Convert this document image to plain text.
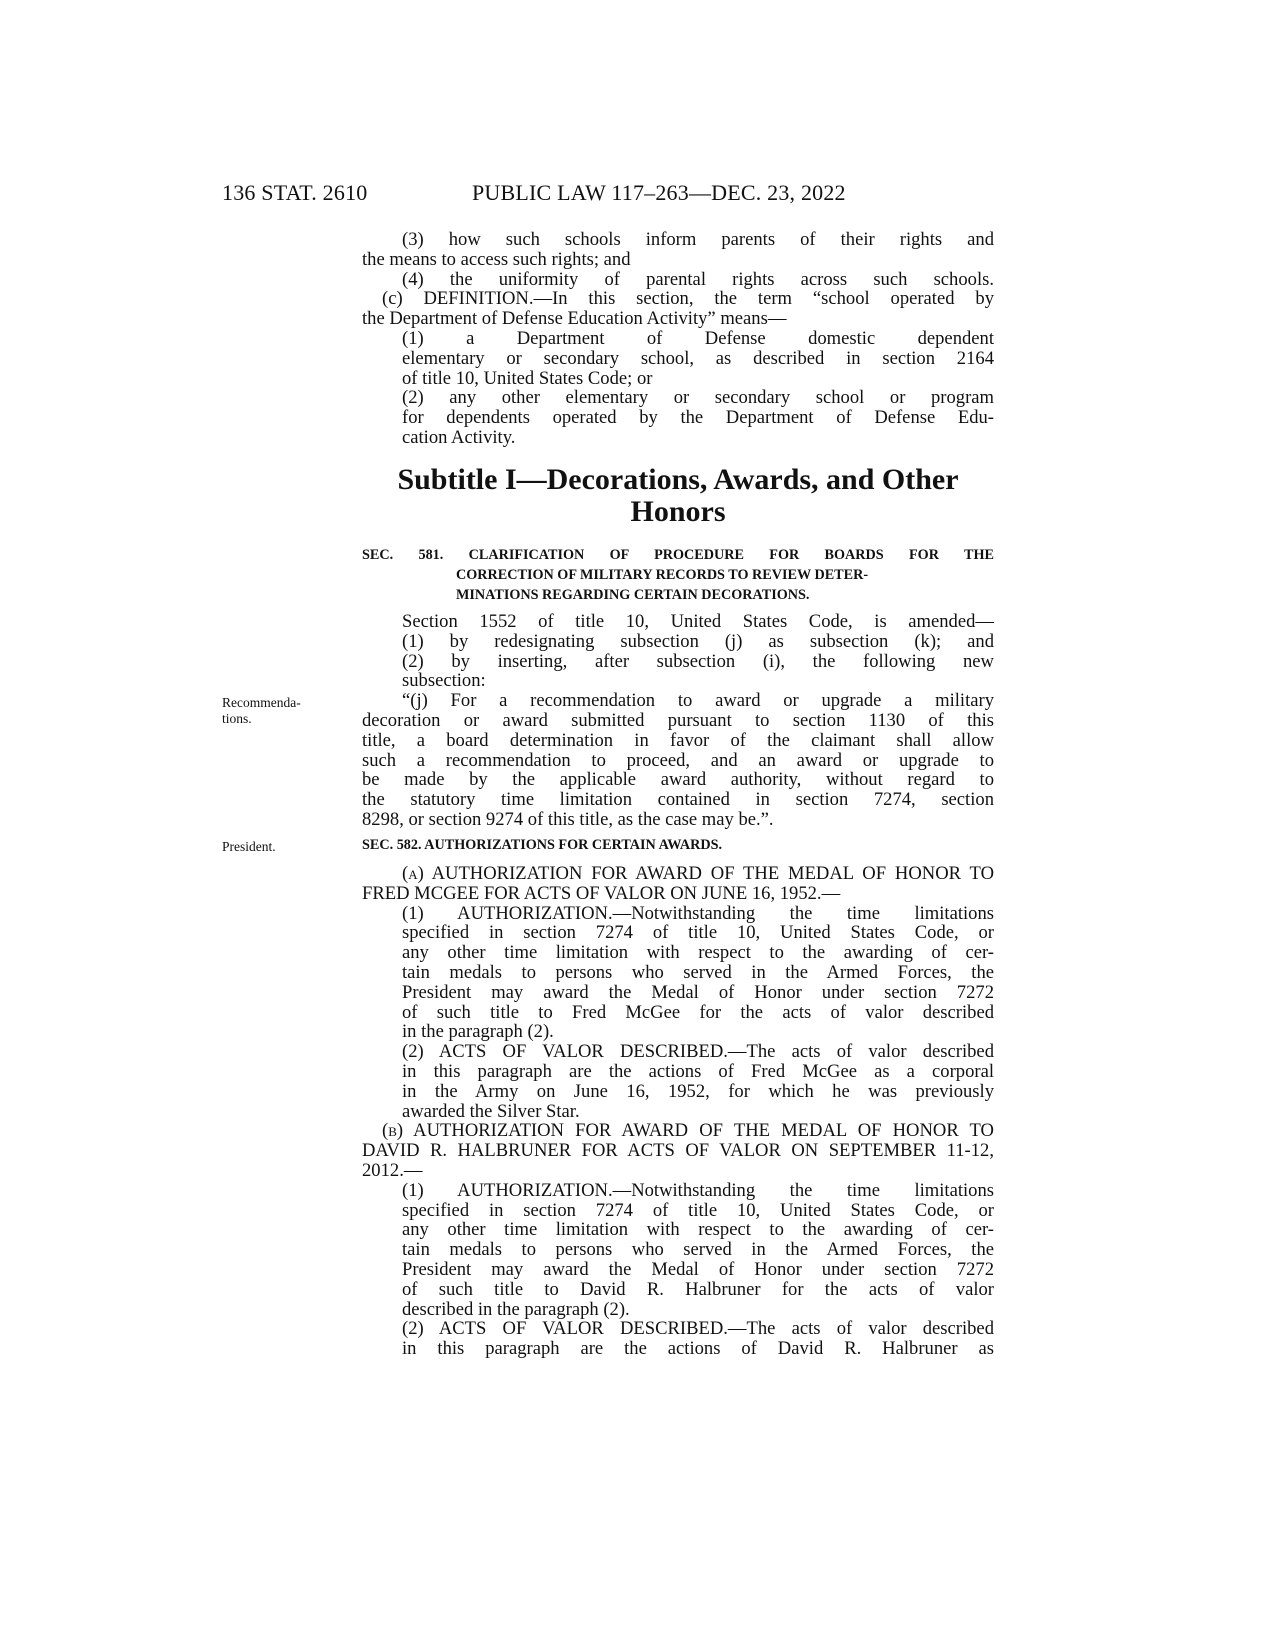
136 STAT. 2610	PUBLIC LAW 117–263—DEC. 23, 2022
(3) how such schools inform parents of their rights and
the means to access such rights; and
(4) the uniformity of parental rights across such schools.
(c) DEFINITION.—In this section, the term “school operated by
the Department of Defense Education Activity” means—
(1) a Department of Defense domestic dependent
elementary or secondary school, as described in section 2164
of title 10, United States Code; or
(2) any other elementary or secondary school or program
for dependents operated by the Department of Defense Edu-
cation Activity.
Subtitle I—Decorations, Awards, and Other
Honors
SEC. 581. CLARIFICATION OF PROCEDURE FOR BOARDS FOR THE
CORRECTION OF MILITARY RECORDS TO REVIEW DETER-
MINATIONS REGARDING CERTAIN DECORATIONS.
Section 1552 of title 10, United States Code, is amended—
(1) by redesignating subsection (j) as subsection (k); and
(2) by inserting, after subsection (i), the following new
subsection:
“(j) For a recommendation to award or upgrade a military
decoration or award submitted pursuant to section 1130 of this
title, a board determination in favor of the claimant shall allow
such a recommendation to proceed, and an award or upgrade to
be made by the applicable award authority, without regard to
the statutory time limitation contained in section 7274, section
8298, or section 9274 of this title, as the case may be.”.
Recommenda-
tions.
President.	SEC. 582. AUTHORIZATIONS FOR CERTAIN AWARDS.
(a) AUTHORIZATION FOR AWARD OF THE MEDAL OF HONOR TO
FRED MCGEE FOR ACTS OF VALOR ON JUNE 16, 1952.—
(1) AUTHORIZATION.—Notwithstanding the time limitations
specified in section 7274 of title 10, United States Code, or
any other time limitation with respect to the awarding of cer-
tain medals to persons who served in the Armed Forces, the
President may award the Medal of Honor under section 7272
of such title to Fred McGee for the acts of valor described
in the paragraph (2).
(2) ACTS OF VALOR DESCRIBED.—The acts of valor described
in this paragraph are the actions of Fred McGee as a corporal
in the Army on June 16, 1952, for which he was previously
awarded the Silver Star.
(b) AUTHORIZATION FOR AWARD OF THE MEDAL OF HONOR TO
DAVID R. HALBRUNER FOR ACTS OF VALOR ON SEPTEMBER 11-12,
2012.—
(1) AUTHORIZATION.—Notwithstanding the time limitations
specified in section 7274 of title 10, United States Code, or
any other time limitation with respect to the awarding of cer-
tain medals to persons who served in the Armed Forces, the
President may award the Medal of Honor under section 7272
of such title to David R. Halbruner for the acts of valor
described in the paragraph (2).
(2) ACTS OF VALOR DESCRIBED.—The acts of valor described
in this paragraph are the actions of David R. Halbruner as
